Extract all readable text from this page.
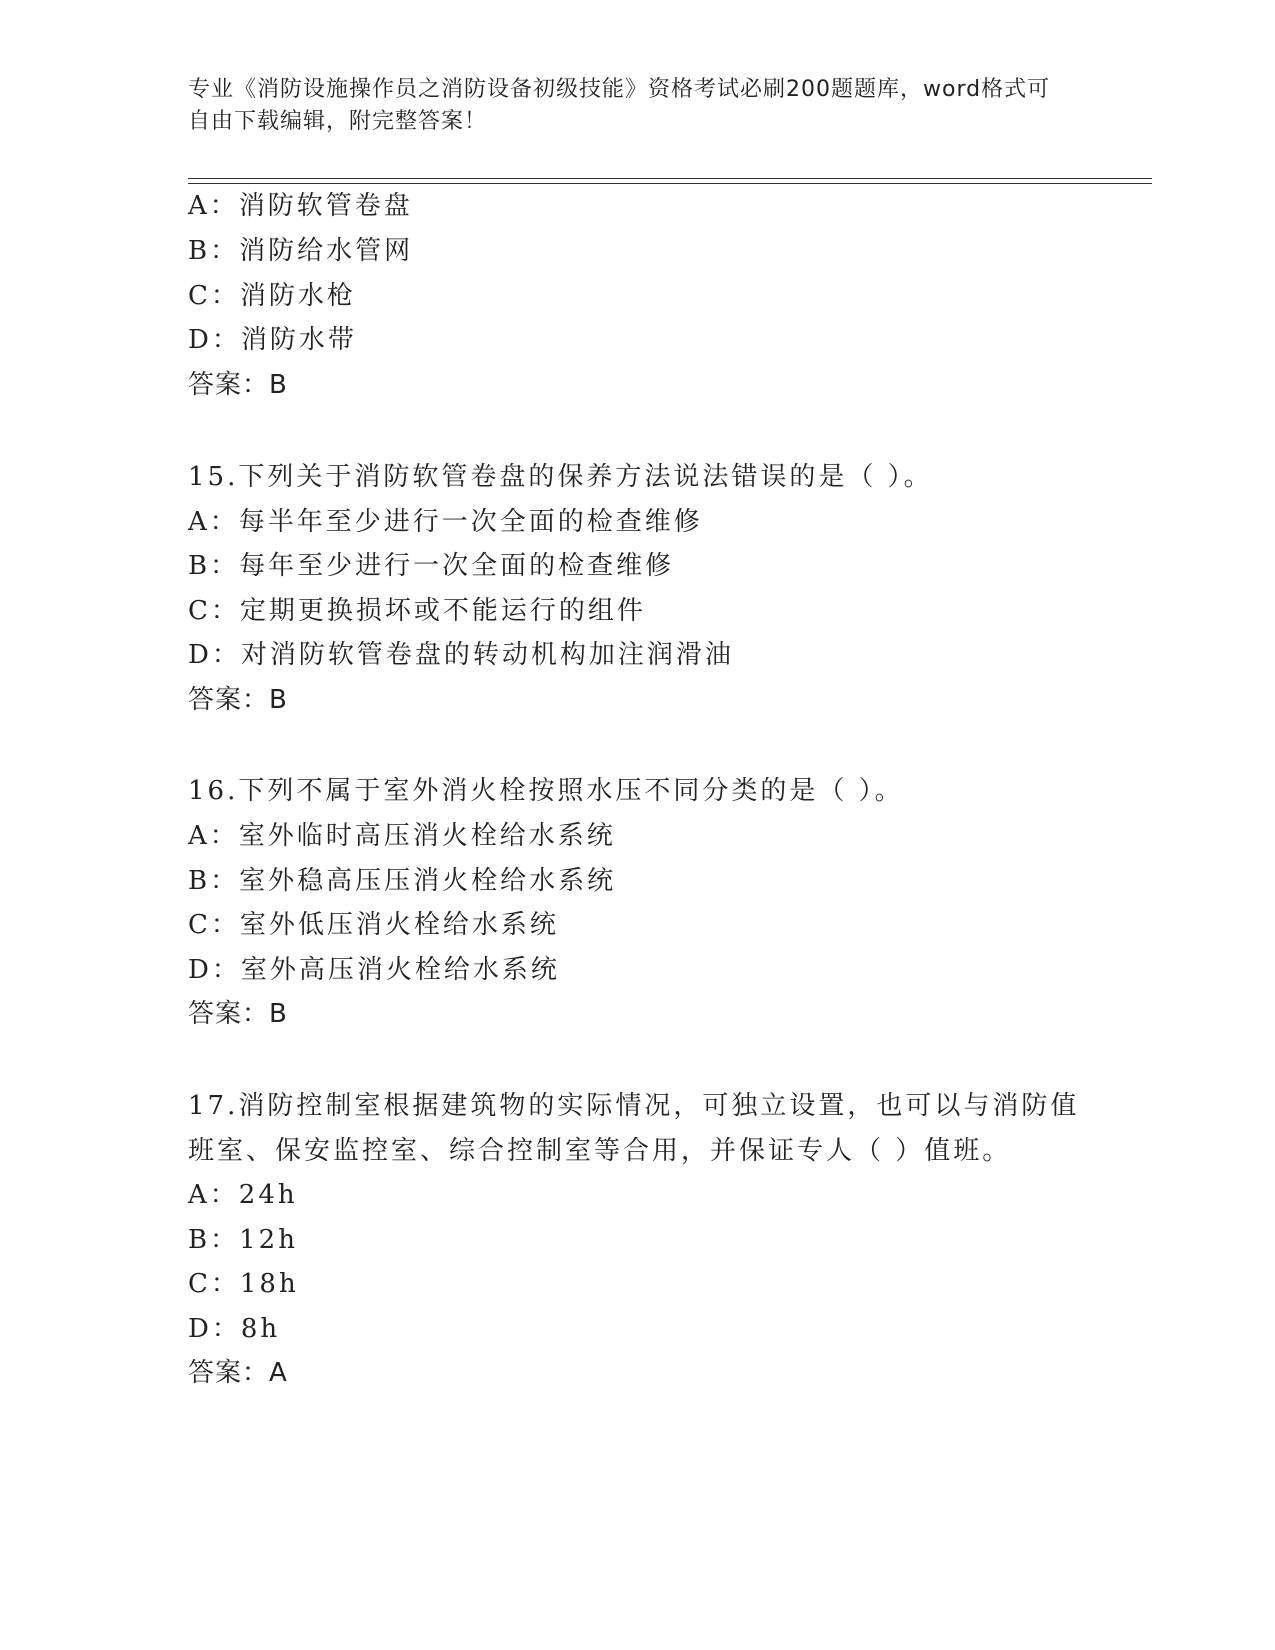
专业《消防设施操作员之消防设备初级技能》资格考试必刷200题题库，word格式可自由下载编辑，附完整答案！
A：消防软管卷盘
B：消防给水管网
C：消防水枪
D：消防水带
答案：B
15.下列关于消防软管卷盘的保养方法说法错误的是（ ）。
A：每半年至少进行一次全面的检查维修
B：每年至少进行一次全面的检查维修
C：定期更换损坏或不能运行的组件
D：对消防软管卷盘的转动机构加注润滑油
答案：B
16.下列不属于室外消火栓按照水压不同分类的是（ ）。
A：室外临时高压消火栓给水系统
B：室外稳高压压消火栓给水系统
C：室外低压消火栓给水系统
D：室外高压消火栓给水系统
答案：B
17.消防控制室根据建筑物的实际情况，可独立设置，也可以与消防值
班室、保安监控室、综合控制室等合用，并保证专人（ ）值班。
A：24h
B：12h
C：18h
D：8h
答案：A
